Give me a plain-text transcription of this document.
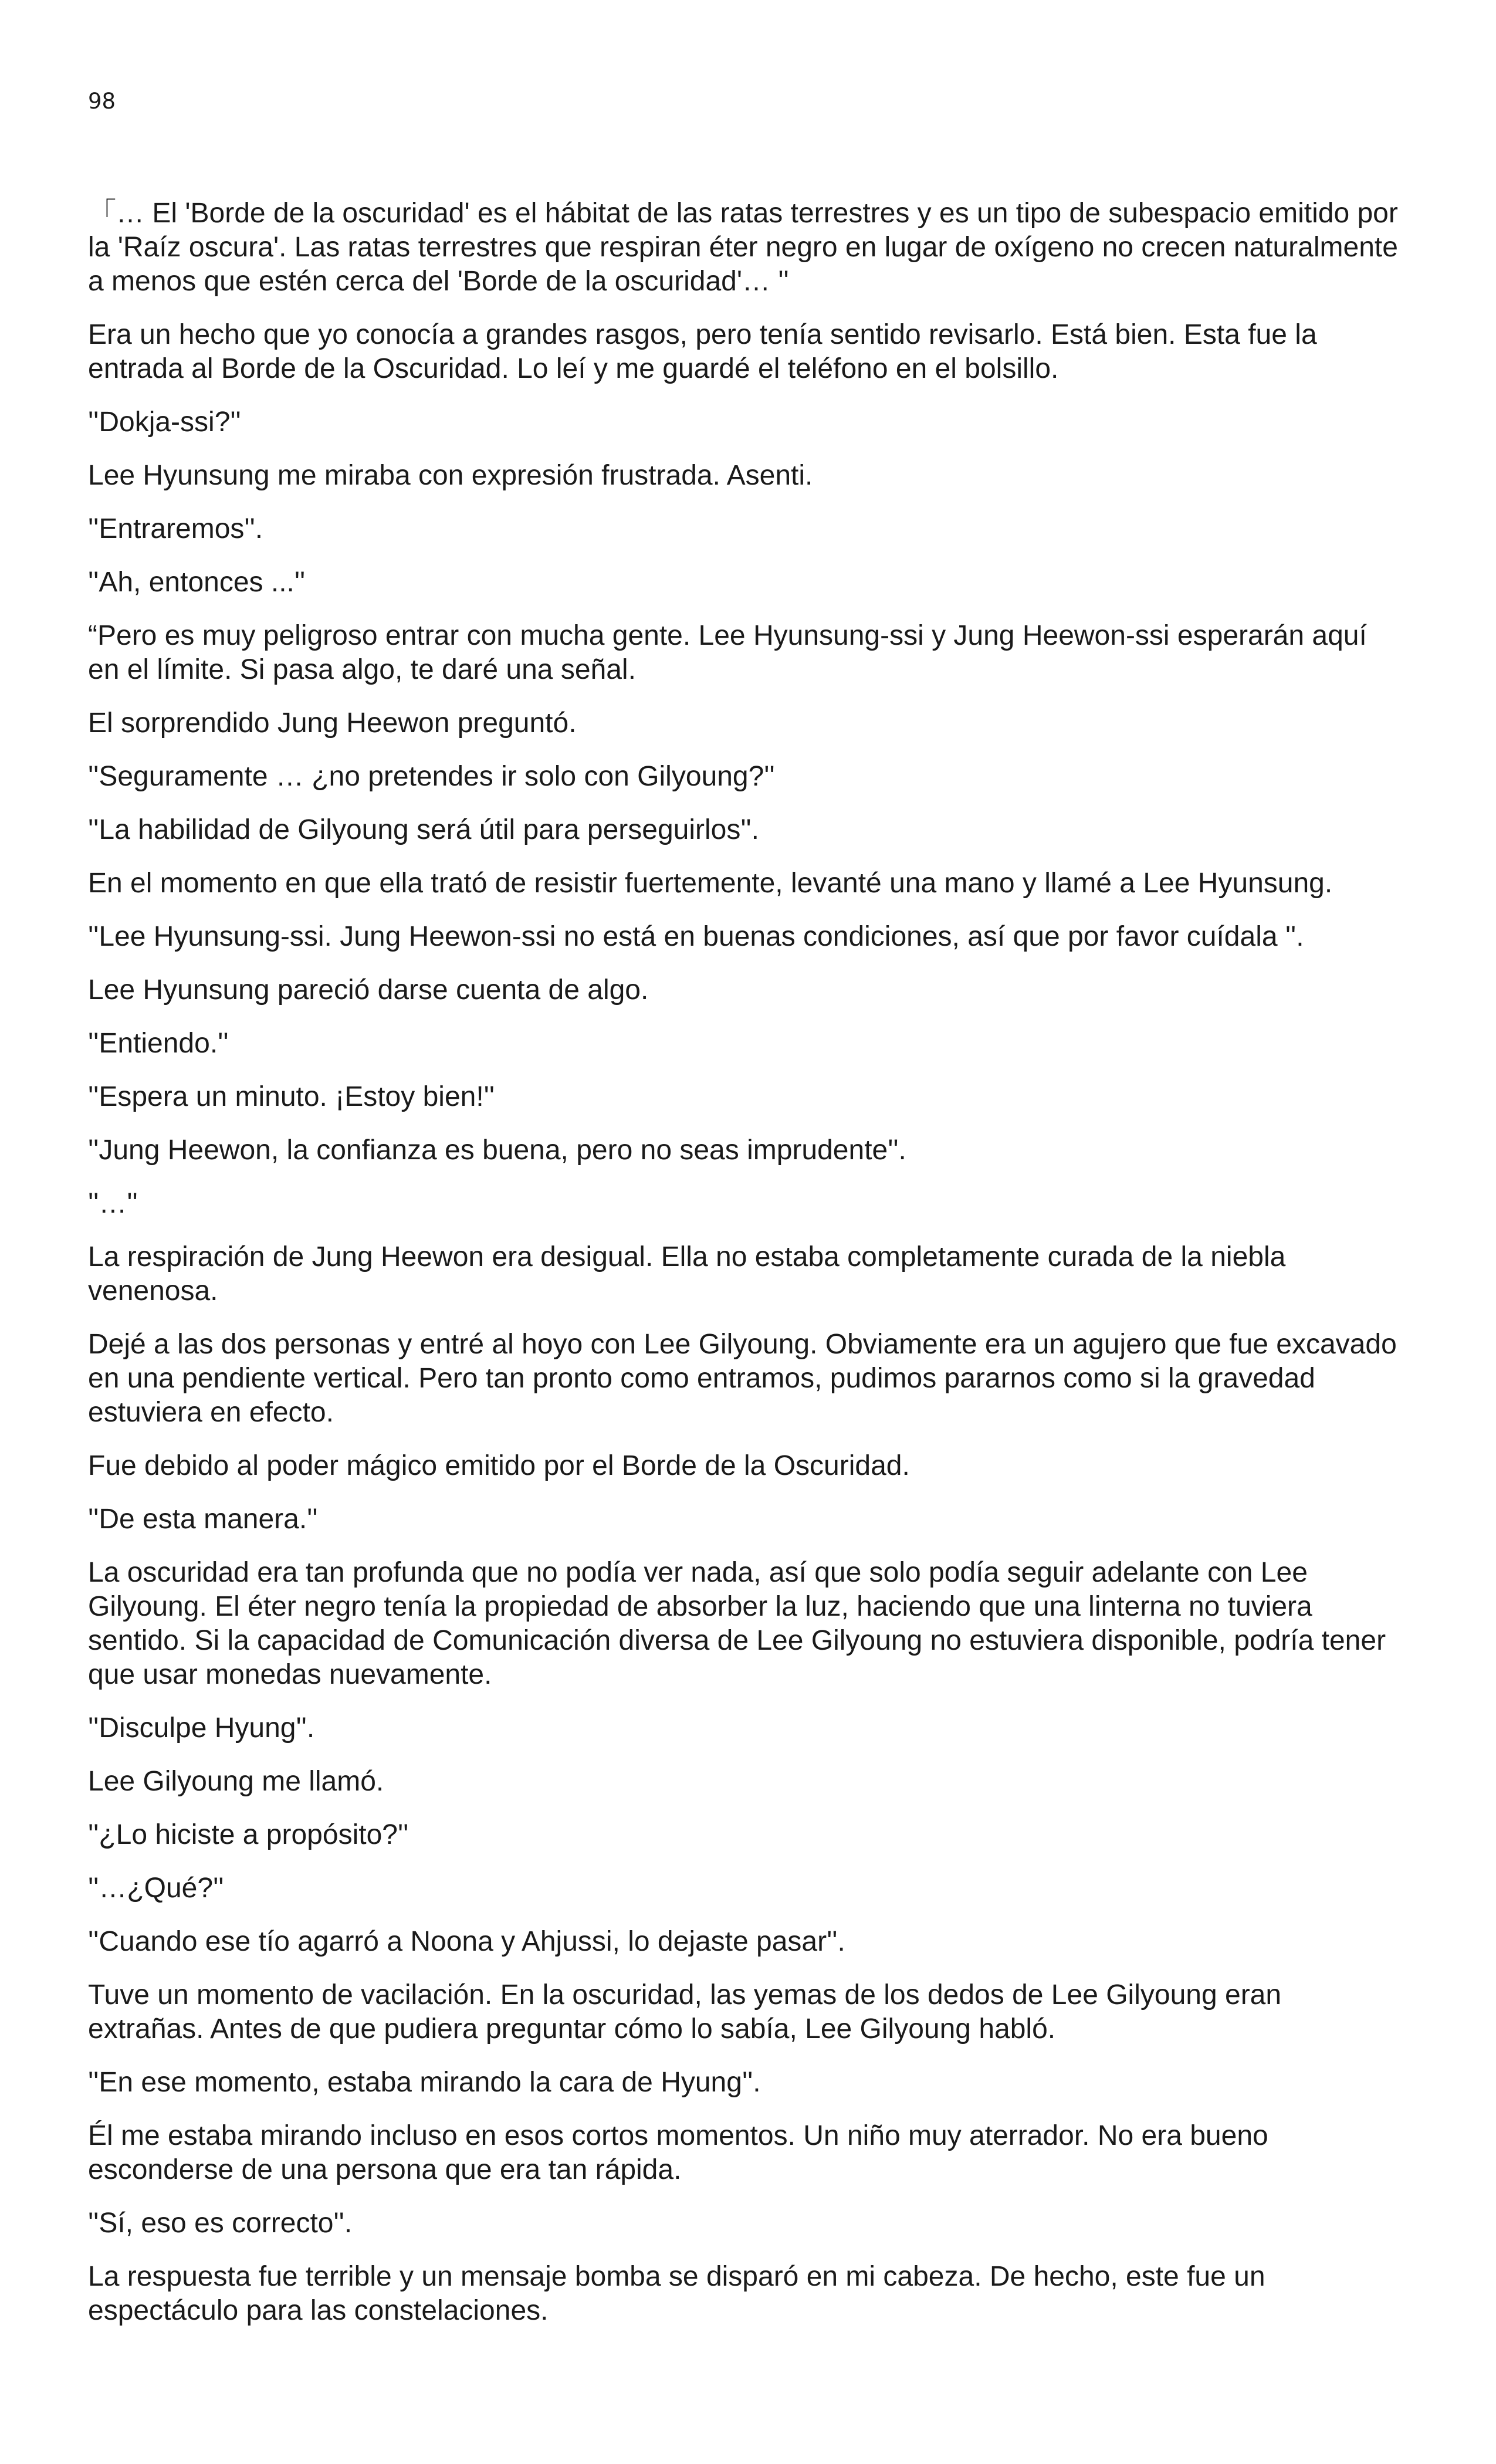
98

「… El 'Borde de la oscuridad' es el hábitat de las ratas terrestres y es un tipo de subespacio emitido por la 'Raíz oscura'. Las ratas terrestres que respiran éter negro en lugar de oxígeno no crecen naturalmente a menos que estén cerca del 'Borde de la oscuridad'… ''

Era un hecho que yo conocía a grandes rasgos, pero tenía sentido revisarlo. Está bien. Esta fue la entrada al Borde de la Oscuridad. Lo leí y me guardé el teléfono en el bolsillo.

''Dokja-ssi?''

Lee Hyunsung me miraba con expresión frustrada. Asenti.

''Entraremos''.

''Ah, entonces ...''

“Pero es muy peligroso entrar con mucha gente. Lee Hyunsung-ssi y Jung Heewon-ssi esperarán aquí en el límite. Si pasa algo, te daré una señal.

El sorprendido Jung Heewon preguntó.

''Seguramente … ¿no pretendes ir solo con Gilyoung?''

''La habilidad de Gilyoung será útil para perseguirlos''.

En el momento en que ella trató de resistir fuertemente, levanté una mano y llamé a Lee Hyunsung.

''Lee Hyunsung-ssi. Jung Heewon-ssi no está en buenas condiciones, así que por favor cuídala ''.

Lee Hyunsung pareció darse cuenta de algo.

''Entiendo.''

''Espera un minuto. ¡Estoy bien!''

''Jung Heewon, la confianza es buena, pero no seas imprudente''.

''…''

La respiración de Jung Heewon era desigual. Ella no estaba completamente curada de la niebla venenosa.

Dejé a las dos personas y entré al hoyo con Lee Gilyoung. Obviamente era un agujero que fue excavado en una pendiente vertical. Pero tan pronto como entramos, pudimos pararnos como si la gravedad estuviera en efecto.

Fue debido al poder mágico emitido por el Borde de la Oscuridad.

''De esta manera.''

La oscuridad era tan profunda que no podía ver nada, así que solo podía seguir adelante con Lee Gilyoung. El éter negro tenía la propiedad de absorber la luz, haciendo que una linterna no tuviera sentido. Si la capacidad de Comunicación diversa de Lee Gilyoung no estuviera disponible, podría tener que usar monedas nuevamente.

''Disculpe Hyung''.

Lee Gilyoung me llamó.

''¿Lo hiciste a propósito?''

''…¿Qué?''

''Cuando ese tío agarró a Noona y Ahjussi, lo dejaste pasar''.

Tuve un momento de vacilación. En la oscuridad, las yemas de los dedos de Lee Gilyoung eran extrañas. Antes de que pudiera preguntar cómo lo sabía, Lee Gilyoung habló.

''En ese momento, estaba mirando la cara de Hyung''.

Él me estaba mirando incluso en esos cortos momentos. Un niño muy aterrador. No era bueno esconderse de una persona que era tan rápida.

''Sí, eso es correcto''.

La respuesta fue terrible y un mensaje bomba se disparó en mi cabeza. De hecho, este fue un espectáculo para las constelaciones.
